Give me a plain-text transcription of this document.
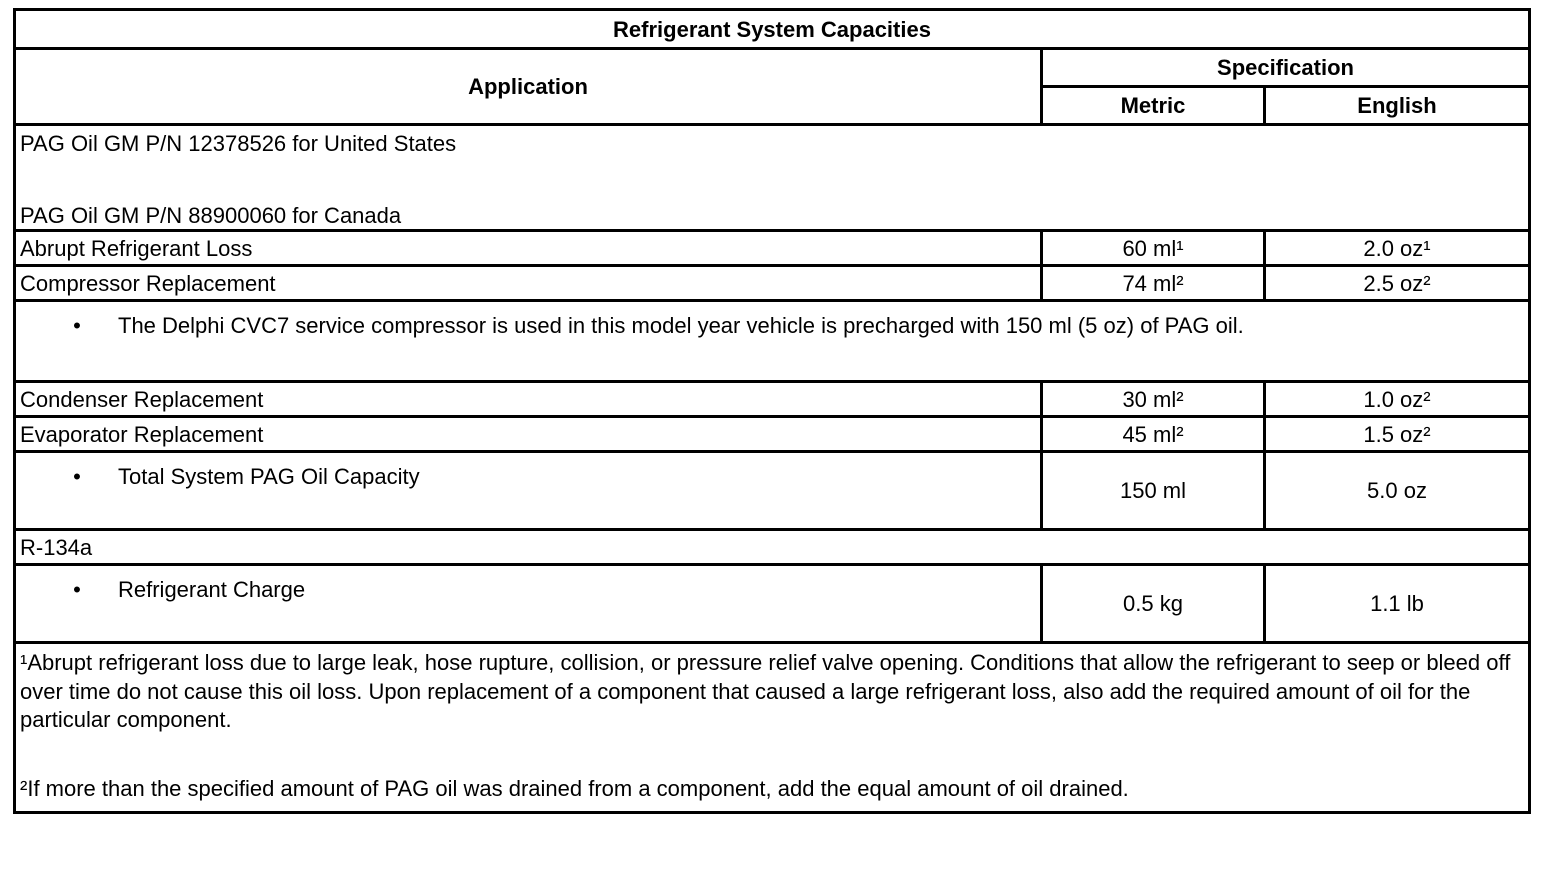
Refrigerant System Capacities		
Application	Specification	
	Metric	English

PAG Oil GM P/N 12378526 for United States
PAG Oil GM P/N 88900060 for Canada		

Abrupt Refrigerant Loss	60 ml¹	2.0 oz¹
Compressor Replacement	74 ml²	2.5 oz²

• The Delphi CVC7 service compressor is used in this model year vehicle is precharged with 150 ml (5 oz) of PAG oil.		

Condenser Replacement	30 ml²	1.0 oz²
Evaporator Replacement	45 ml²	1.5 oz²

• Total System PAG Oil Capacity	150 ml	5.0 oz
R-134a		

• Refrigerant Charge	0.5 kg	1.1 lb

¹Abrupt refrigerant loss due to large leak, hose rupture, collision, or pressure relief valve opening. Conditions that allow the refrigerant to seep or bleed off over time do not cause this oil loss. Upon replacement of a component that caused a large refrigerant loss, also add the required amount of oil for the particular component.

²If more than the specified amount of PAG oil was drained from a component, add the equal amount of oil drained.		
